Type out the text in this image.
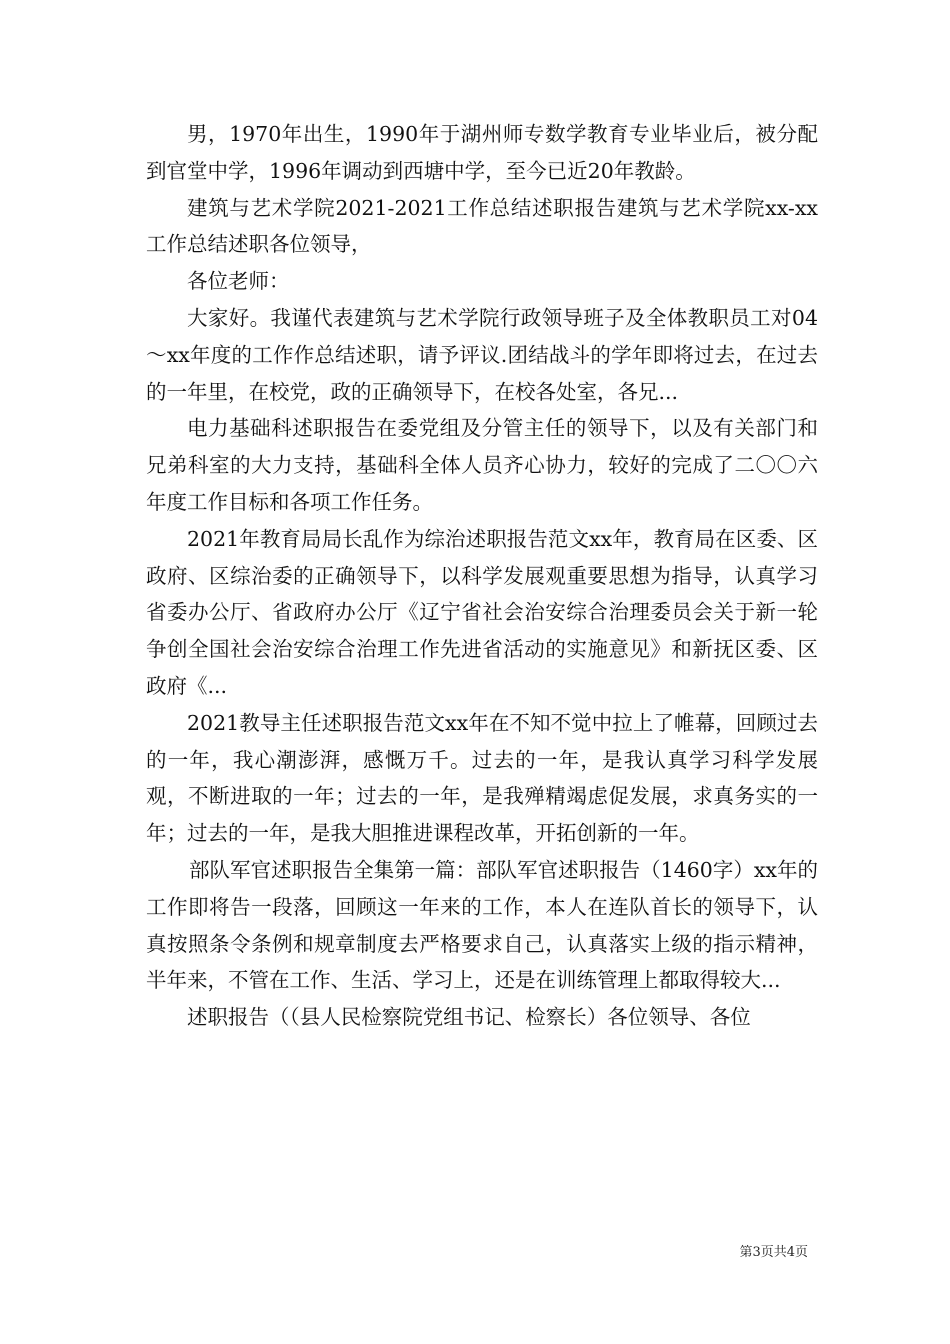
男，1970年出生，1990年于湖州师专数学教育专业毕业后，被分配到官堂中学，1996年调动到西塘中学，至今已近20年教龄。

建筑与艺术学院2021-2021工作总结述职报告建筑与艺术学院xx-xx工作总结述职各位领导，

各位老师：

大家好。我谨代表建筑与艺术学院行政领导班子及全体教职员工对04～xx年度的工作作总结述职，请予评议.团结战斗的学年即将过去，在过去的一年里，在校党，政的正确领导下，在校各处室，各兄...

电力基础科述职报告在委党组及分管主任的领导下，以及有关部门和兄弟科室的大力支持，基础科全体人员齐心协力，较好的完成了二〇〇六年度工作目标和各项工作任务。

2021年教育局局长乱作为综治述职报告范文xx年，教育局在区委、区政府、区综治委的正确领导下，以科学发展观重要思想为指导，认真学习省委办公厅、省政府办公厅《辽宁省社会治安综合治理委员会关于新一轮争创全国社会治安综合治理工作先进省活动的实施意见》和新抚区委、区政府《...

2021教导主任述职报告范文xx年在不知不觉中拉上了帷幕，回顾过去的一年，我心潮澎湃，感慨万千。过去的一年，是我认真学习科学发展观，不断进取的一年；过去的一年，是我殚精竭虑促发展，求真务实的一年；过去的一年，是我大胆推进课程改革，开拓创新的一年。

部队军官述职报告全集第一篇：部队军官述职报告（1460字）xx年的工作即将告一段落，回顾这一年来的工作，本人在连队首长的领导下，认真按照条令条例和规章制度去严格要求自己，认真落实上级的指示精神，半年来，不管在工作、生活、学习上，还是在训练管理上都取得较大...

述职报告（（县人民检察院党组书记、检察长）各位领导、各位

第3页共4页
